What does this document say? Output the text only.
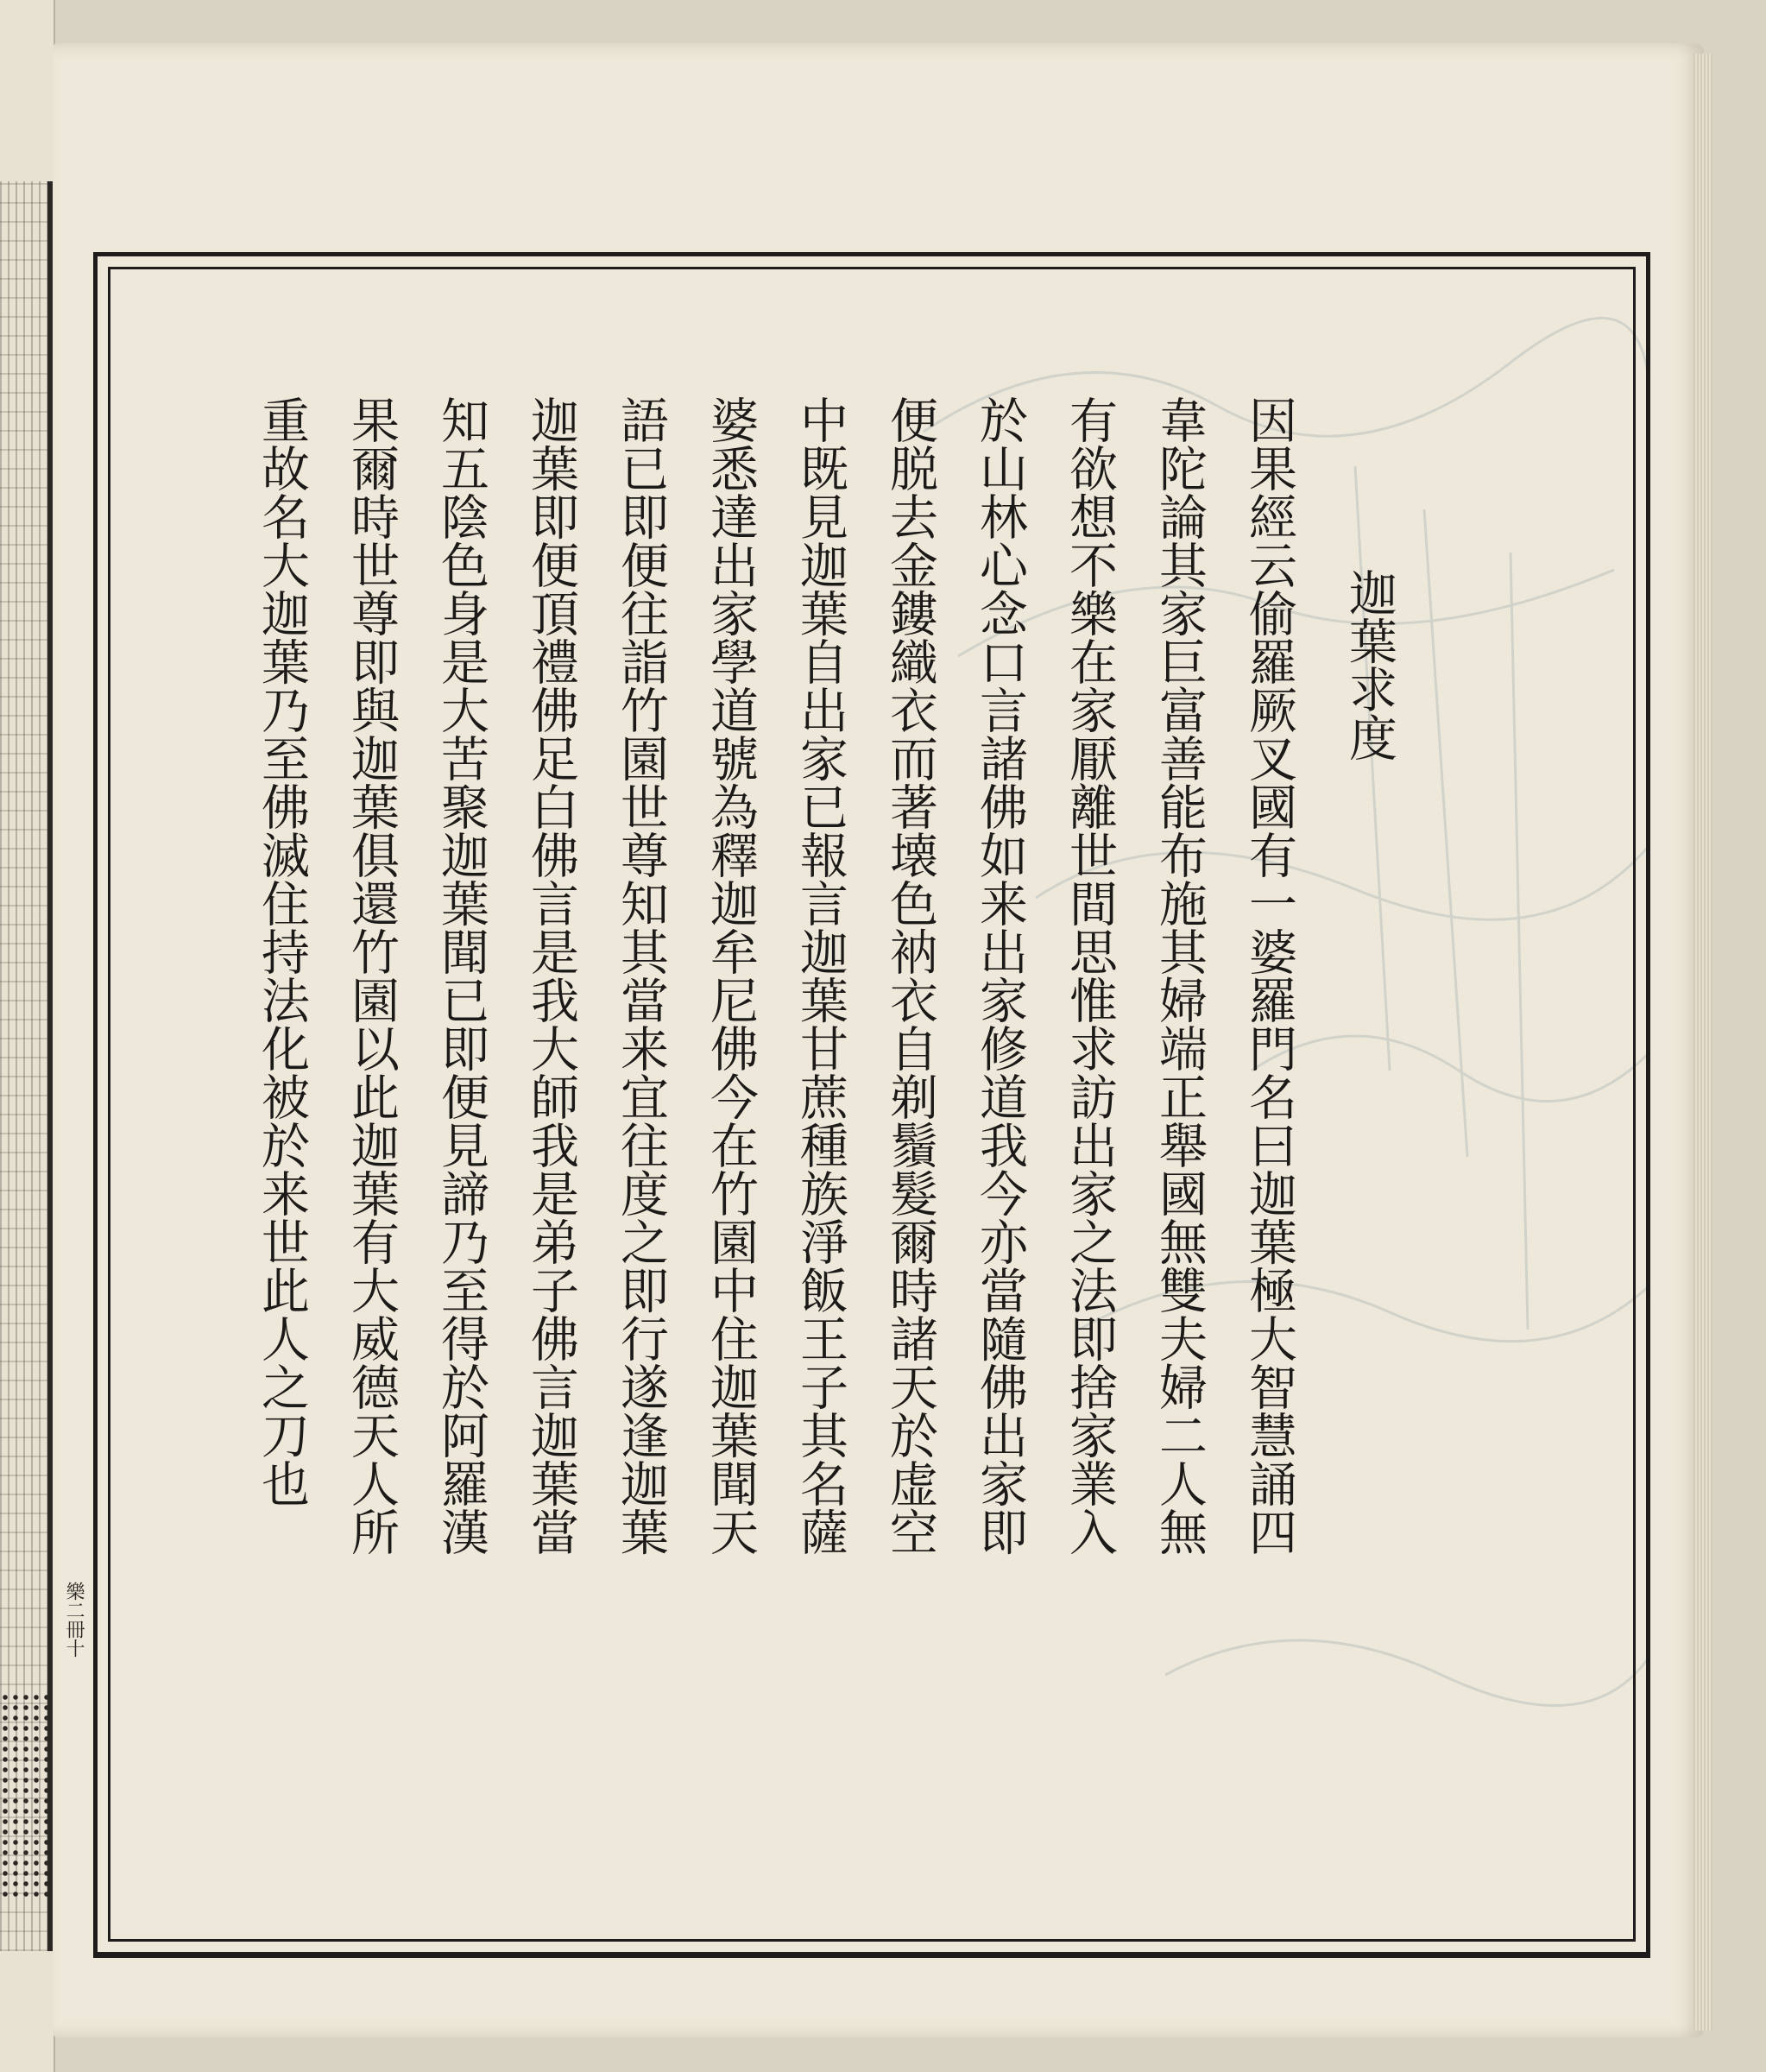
迦葉求度
因果經云偷羅厥叉國有一婆羅門名曰迦葉極大智慧誦四
韋陀論其家巨富善能布施其婦端正舉國無雙夫婦二人無
有欲想不樂在家厭離世間思惟求訪出家之法即捨家業入
於山林心念口言諸佛如来出家修道我今亦當隨佛出家即
便脱去金鏤織衣而著壊色衲衣自剃鬚髮爾時諸天於虚空
中既見迦葉自出家已報言迦葉甘蔗種族淨飯王子其名薩
婆悉達出家學道號為釋迦牟尼佛今在竹園中住迦葉聞天
語已即便往詣竹園世尊知其當来宜往度之即行遂逢迦葉
迦葉即便頂禮佛足白佛言是我大師我是弟子佛言迦葉當
知五陰色身是大苦聚迦葉聞已即便見諦乃至得於阿羅漢
果爾時世尊即與迦葉俱還竹園以此迦葉有大威德天人所
重故名大迦葉乃至佛滅住持法化被於来世此人之刀也
樂二冊十
